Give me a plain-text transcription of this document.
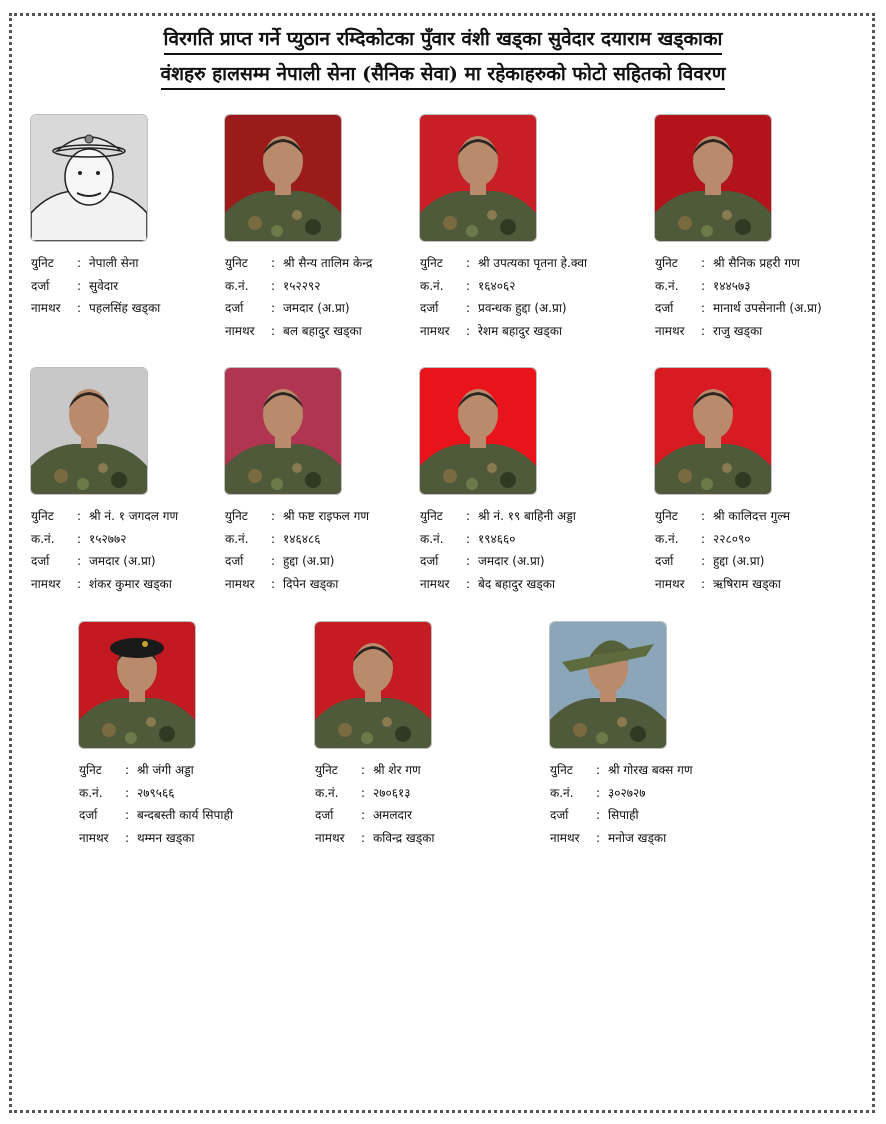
विरगति प्राप्त गर्ने प्युठान रम्दिकोटका पुँवार वंशी खड्का सुवेदार दयाराम खड्काका
वंशहरु हालसम्म नेपाली सेना (सैनिक सेवा) मा रहेकाहरुको फोटो सहितको विवरण
युनिट	: नेपाली सेना
दर्जा	: सुवेदार
नामथर	: पहलसिंह खड्का
युनिट	: श्री सैन्य तालिम केन्द्र
क.नं.	: १५२२९२
दर्जा	: जमदार (अ.प्रा)
नामथर	: बल बहादुर खड्का
युनिट	: श्री उपत्यका पृतना हे.क्वा
क.नं.	: १६४०६२
दर्जा	: प्रवन्धक हुद्दा (अ.प्रा)
नामथर	: रेशम बहादुर खड्का
युनिट	: श्री सैनिक प्रहरी गण
क.नं.	: १४४५७३
दर्जा	: मानार्थ उपसेनानी (अ.प्रा)
नामथर	: राजु खड्का
युनिट	: श्री नं. १ जगदल गण
क.नं.	: १५२७७२
दर्जा	: जमदार (अ.प्रा)
नामथर	: शंकर कुमार खड्का
युनिट	: श्री फष्ट राइफल गण
क.नं.	: १४६४८६
दर्जा	: हुद्दा (अ.प्रा)
नामथर	: दिपेन खड्का
युनिट	: श्री नं. १९ बाहिनी अड्डा
क.नं.	: १९४६६०
दर्जा	: जमदार (अ.प्रा)
नामथर	: बेद बहादुर खड्का
युनिट	: श्री कालिदत्त गुल्म
क.नं.	: २२८०९०
दर्जा	: हुद्दा (अ.प्रा)
नामथर	: ऋषिराम खड्का
युनिट	: श्री जंगी अड्डा
क.नं.	: २७९५६६
दर्जा	: बन्दबस्ती कार्य सिपाही
नामथर	: थम्मन खड्का
युनिट	: श्री शेर गण
क.नं.	: २७०६१३
दर्जा	: अमलदार
नामथर	: कविन्द्र खड्का
युनिट	: श्री गोरख बक्स गण
क.नं.	: ३०२७२७
दर्जा	: सिपाही
नामथर	: मनोज खड्का
